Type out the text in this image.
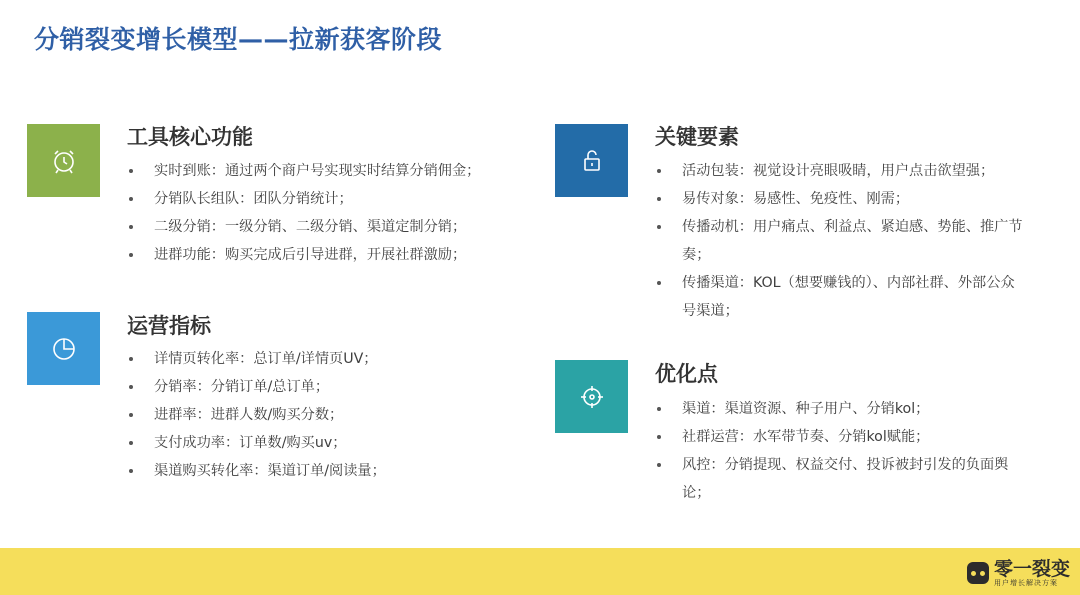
分销裂变增长模型——拉新获客阶段
工具核心功能
实时到账：通过两个商户号实现实时结算分销佣金；
分销队长组队：团队分销统计；
二级分销：一级分销、二级分销、渠道定制分销；
进群功能：购买完成后引导进群，开展社群激励；
运营指标
详情页转化率：总订单/详情页UV；
分销率：分销订单/总订单；
进群率：进群人数/购买分数；
支付成功率：订单数/购买uv；
渠道购买转化率：渠道订单/阅读量；
关键要素
活动包装：视觉设计亮眼吸睛，用户点击欲望强；
易传对象：易感性、免疫性、刚需；
传播动机：用户痛点、利益点、紧迫感、势能、推广节奏；
传播渠道：KOL（想要赚钱的）、内部社群、外部公众号渠道；
优化点
渠道：渠道资源、种子用户、分销kol；
社群运营：水军带节奏、分销kol赋能；
风控：分销提现、权益交付、投诉被封引发的负面舆论；
零一裂变
用户增长解决方案
